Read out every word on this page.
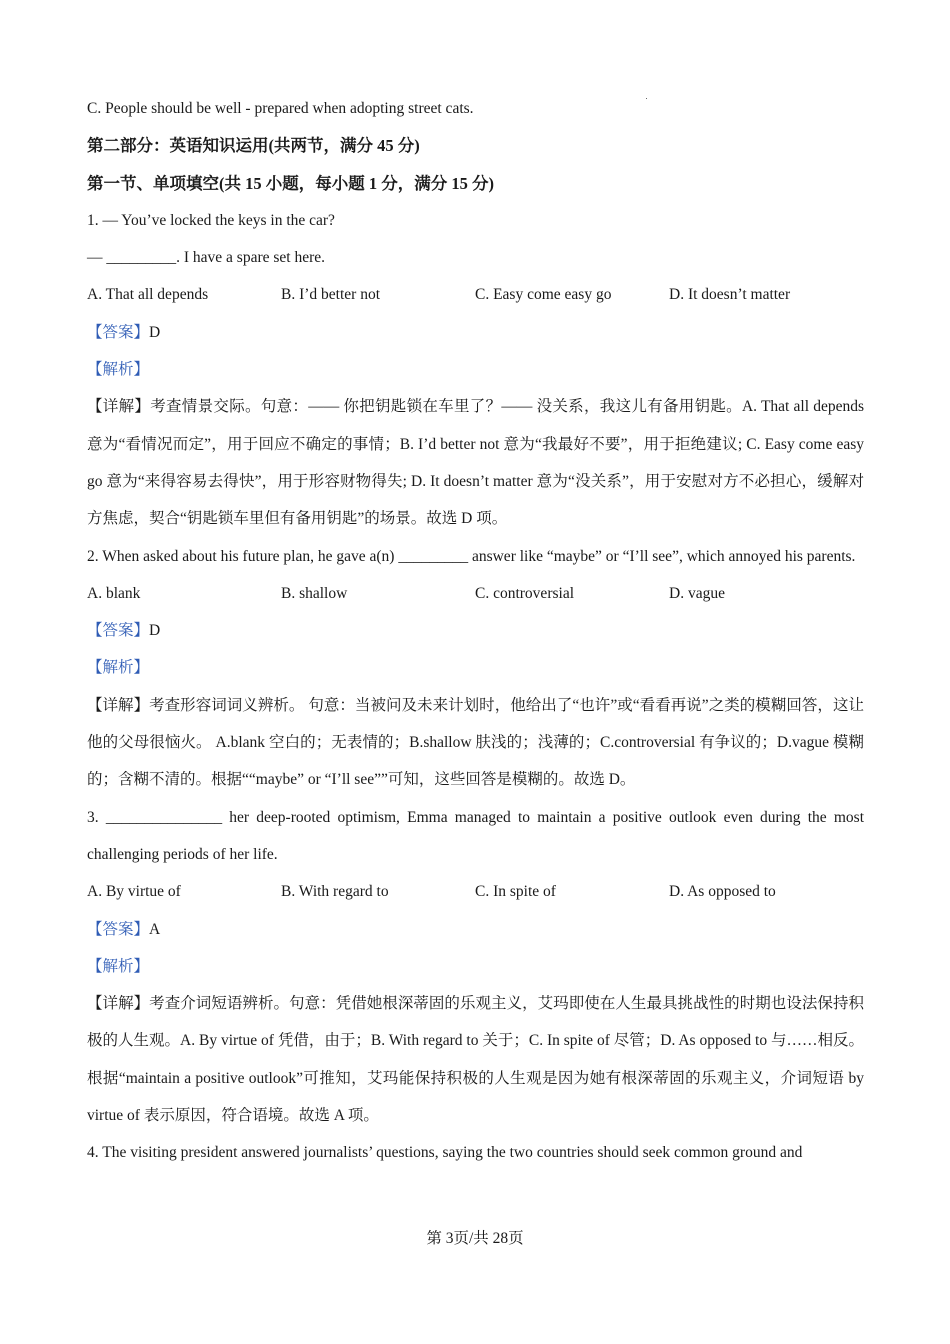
C. People should be well - prepared when adopting street cats.
第二部分：英语知识运用(共两节，满分 45 分)
第一节、单项填空(共 15 小题，每小题 1 分，满分 15 分)
1. — You’ve locked the keys in the car?
— _________. I have a spare set here.
A. That all depends	B. I’d better not	C. Easy come easy go	D. It doesn’t matter
【答案】D
【解析】
【详解】考查情景交际。句意：—— 你把钥匙锁在车里了？—— 没关系，我这儿有备用钥匙。A. That all depends 意为“看情况而定”，用于回应不确定的事情；B. I’d better not 意为“我最好不要”，用于拒绝建议; C. Easy come easy go 意为“来得容易去得快”，用于形容财物得失; D. It doesn’t matter 意为“没关系”，用于安慰对方不必担心，缓解对方焦虑，契合“钥匙锁车里但有备用钥匙”的场景。故选 D 项。
2. When asked about his future plan, he gave a(n) _________ answer like “maybe” or “I’ll see”, which annoyed his parents.
A. blank	B. shallow	C. controversial	D. vague
【答案】D
【解析】
【详解】考查形容词词义辨析。 句意：当被问及未来计划时，他给出了“也许”或“看看再说”之类的模糊回答，这让他的父母很恼火。 A.blank 空白的；无表情的；B.shallow 肤浅的；浅薄的；C.controversial 有争议的；D.vague 模糊的；含糊不清的。根据““maybe” or “I’ll see””可知，这些回答是模糊的。故选 D。
3. _______________ her deep-rooted optimism, Emma managed to maintain a positive outlook even during the most challenging periods of her life.
A. By virtue of	B. With regard to	C. In spite of	D. As opposed to
【答案】A
【解析】
【详解】考查介词短语辨析。句意：凭借她根深蒂固的乐观主义，艾玛即使在人生最具挑战性的时期也设法保持积极的人生观。A. By virtue of 凭借，由于；B. With regard to 关于；C. In spite of 尽管；D. As opposed to 与……相反。根据“maintain a positive outlook”可推知，艾玛能保持积极的人生观是因为她有根深蒂固的乐观主义，介词短语 by virtue of 表示原因，符合语境。故选 A 项。
4. The visiting president answered journalists’ questions, saying the two countries should seek common ground and
第 3页/共 28页
